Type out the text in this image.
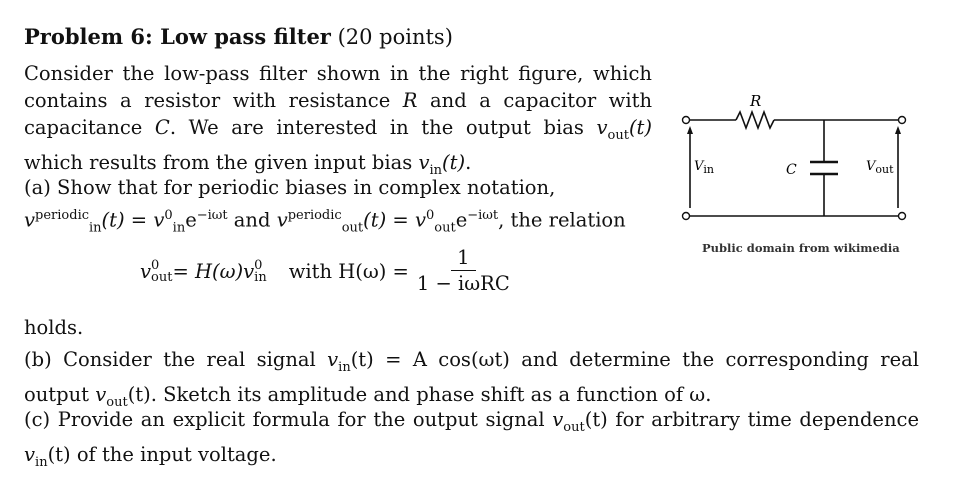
Problem 6: Low pass filter (20 points)
Consider the low-pass filter shown in the right figure, which contains a resistor with resistance R and a capacitor with capacitance C. We are interested in the output bias $v_{out}(t)$ which results from the given input bias $v_{in}(t)$.
(a) Show that for periodic biases in complex notation, $v^{periodic}_{in}(t) = v^0_{in}e^{-i\omega t}$ and $v^{periodic}_{out}(t) = v^0_{out}e^{-i\omega t}$, the relation
v 0
out = H(ω) v 0
in with $H(\omega) = \frac{1}{\text{1 − iωRC}}$
holds.
(b) Consider the real signal $v_{in}(t) = A$ cos(ωt) and determine the corresponding real output $v_{out}(t)$. Sketch its amplitude and phase shift as a function of ω.
(c) Provide an explicit formula for the output signal $v_{out}(t)$ for arbitrary time dependence $v_{in}(t)$ of the input voltage.
R
C
$V_{in}$	$V_{out}$
Public domain from wikimedia
